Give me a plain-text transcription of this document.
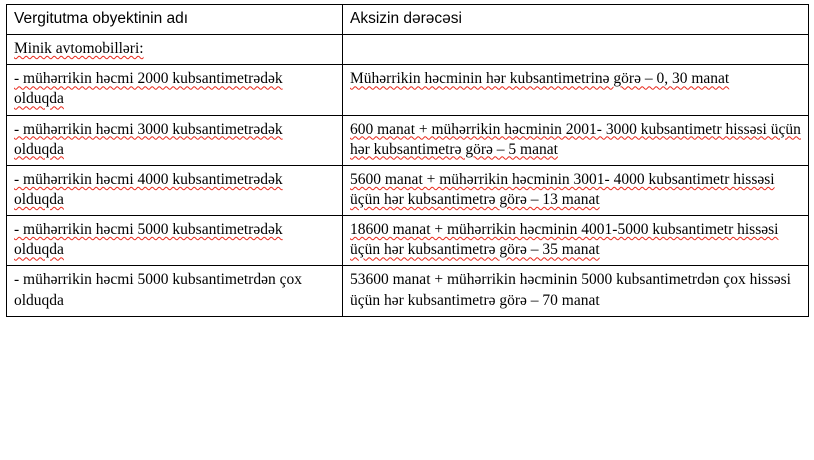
Vergitutma obyektinin adı	Aksizin dərəcəsi

Minik avtomobilləri:	

- mühərrikin həcmi 2000 kubsantimetrədək olduqda	Mühərrikin həcminin hər kubsantimetrinə görə – 0, 30 manat

- mühərrikin həcmi 3000 kubsantimetrədək olduqda	600 manat + mühərrikin həcminin 2001- 3000 kubsantimetr hissəsi üçün hər kubsantimetrə görə – 5 manat

- mühərrikin həcmi 4000 kubsantimetrədək olduqda	5600 manat + mühərrikin həcminin 3001- 4000 kubsantimetr hissəsi üçün hər kubsantimetrə görə – 13 manat

- mühərrikin həcmi 5000 kubsantimetrədək olduqda	18600 manat + mühərrikin həcminin 4001-5000 kubsantimetr hissəsi üçün hər kubsantimetrə görə – 35 manat

- mühərrikin həcmi 5000 kubsantimetrdən çox olduqda	53600 manat + mühərrikin həcminin 5000 kubsantimetrdən çox hissəsi üçün hər kubsantimetrə görə – 70 manat
